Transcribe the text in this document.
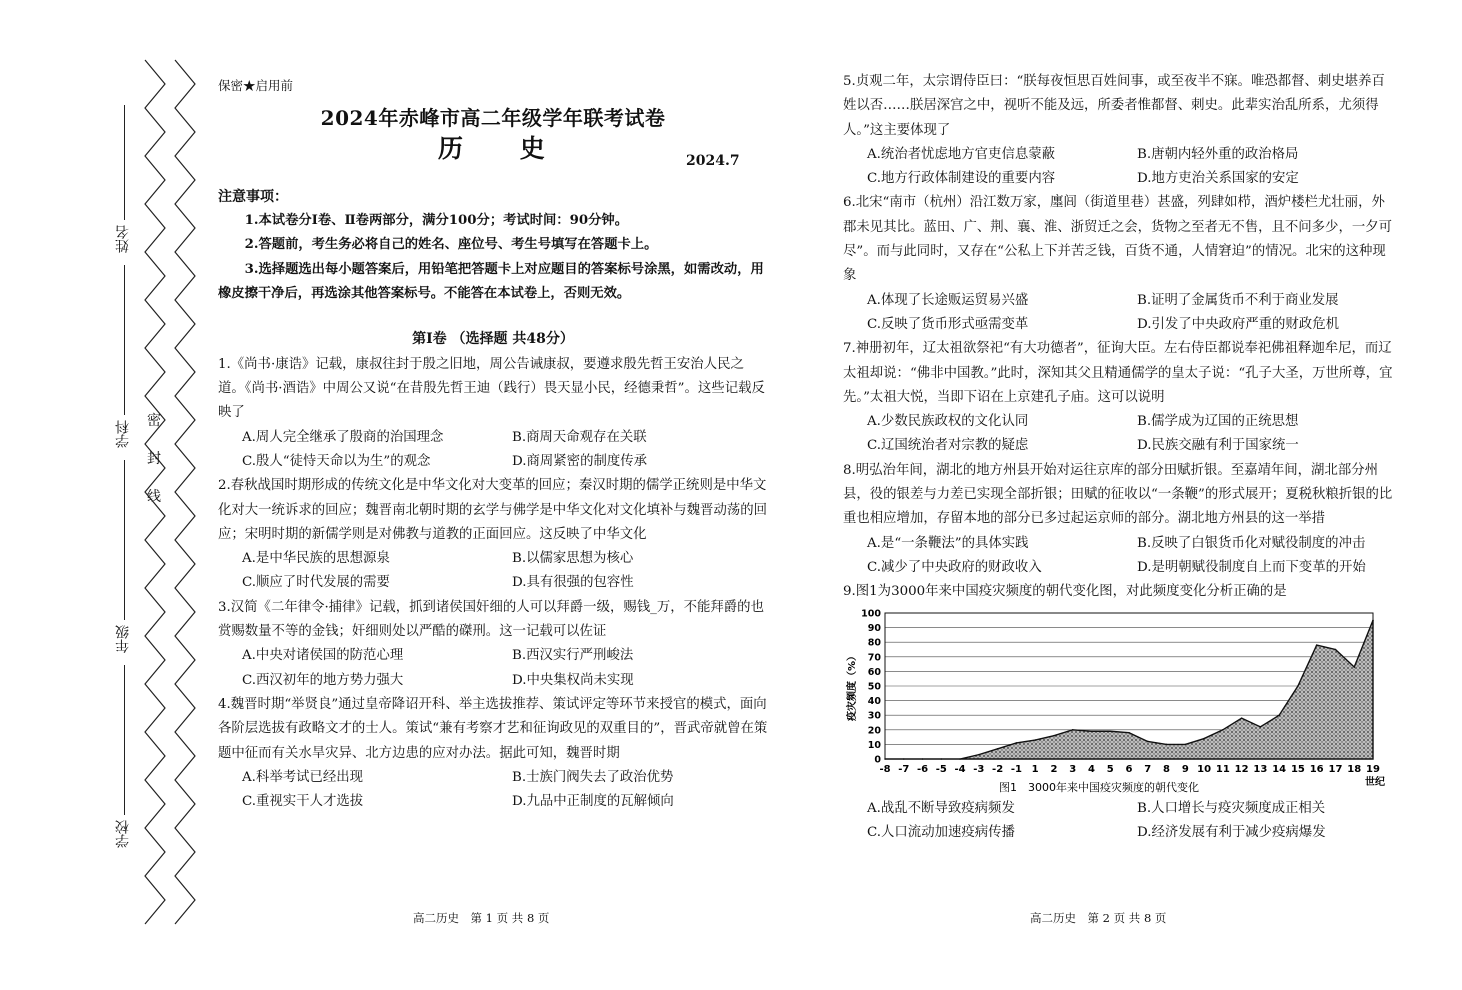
姓名
学科
年级
学校
密
封
线

保密★启用前

2024年赤峰市高二年级学年联考试卷

历 史	2024.7

注意事项：

1.本试卷分Ⅰ卷、Ⅱ卷两部分，满分100分；考试时间：90分钟。

2.答题前，考生务必将自己的姓名、座位号、考生号填写在答题卡上。

3.选择题选出每小题答案后，用铅笔把答题卡上对应题目的答案标号涂黑，如需改动，用橡皮擦干净后，再选涂其他答案标号。不能答在本试卷上，否则无效。

第Ⅰ卷 （选择题 共48分）

1.《尚书·康诰》记载，康叔往封于殷之旧地，周公告诫康叔，要遵求殷先哲王安治人民之道。《尚书·酒诰》中周公又说“在昔殷先哲王迪（践行）畏天显小民，经德秉哲”。这些记载反映了

A.周人完全继承了殷商的治国理念	B.商周天命观存在关联
C.殷人“徒恃天命以为生”的观念	D.商周紧密的制度传承

2.春秋战国时期形成的传统文化是中华文化对大变革的回应；秦汉时期的儒学正统则是中华文化对大一统诉求的回应；魏晋南北朝时期的玄学与佛学是中华文化对文化填补与魏晋动荡的回应；宋明时期的新儒学则是对佛教与道教的正面回应。这反映了中华文化

A.是中华民族的思想源泉	B.以儒家思想为核心
C.顺应了时代发展的需要	D.具有很强的包容性

3.汉简《二年律令·捕律》记载，抓到诸侯国奸细的人可以拜爵一级，赐钱_万，不能拜爵的也赏赐数量不等的金钱；奸细则处以严酷的磔刑。这一记载可以佐证

A.中央对诸侯国的防范心理	B.西汉实行严刑峻法
C.西汉初年的地方势力强大	D.中央集权尚未实现

4.魏晋时期“举贤良”通过皇帝降诏开科、举主选拔推荐、策试评定等环节来授官的模式，面向各阶层选拔有政略文才的士人。策试“兼有考察才艺和征询政见的双重目的”，晋武帝就曾在策题中征而有关水旱灾异、北方边患的应对办法。据此可知，魏晋时期

A.科举考试已经出现	B.士族门阀失去了政治优势
C.重视实干人才选拔	D.九品中正制度的瓦解倾向
高二历史　第 1 页 共 8 页

5.贞观二年，太宗谓侍臣曰：“朕每夜恒思百姓间事，或至夜半不寐。唯恐都督、刺史堪养百姓以否……朕居深宫之中，视听不能及远，所委者惟都督、刺史。此辈实治乱所系，尤须得人。”这主要体现了

A.统治者忧虑地方官吏信息蒙蔽	B.唐朝内轻外重的政治格局
C.地方行政体制建设的重要内容	D.地方吏治关系国家的安定

6.北宋“南市（杭州）沿江数万家，廛闾（街道里巷）甚盛，列肆如栉，酒炉楼栏尤壮丽，外郡未见其比。蓝田、广、荆、襄、淮、浙贸迁之会，货物之至者无不售，且不问多少，一夕可尽”。而与此同时，又存在“公私上下并苦乏钱，百货不通，人情窘迫”的情况。北宋的这种现象

A.体现了长途贩运贸易兴盛	B.证明了金属货币不利于商业发展
C.反映了货币形式亟需变革	D.引发了中央政府严重的财政危机

7.神册初年，辽太祖欲祭祀“有大功德者”，征询大臣。左右侍臣都说奉祀佛祖释迦牟尼，而辽太祖却说：“佛非中国教。”此时，深知其父且精通儒学的皇太子说：“孔子大圣，万世所尊，宜先。”太祖大悦，当即下诏在上京建孔子庙。这可以说明

A.少数民族政权的文化认同	B.儒学成为辽国的正统思想
C.辽国统治者对宗教的疑虑	D.民族交融有利于国家统一

8.明弘治年间，湖北的地方州县开始对运往京库的部分田赋折银。至嘉靖年间，湖北部分州县，役的银差与力差已实现全部折银；田赋的征收以“一条鞭”的形式展开；夏税秋粮折银的比重也相应增加，存留本地的部分已多过起运京师的部分。湖北地方州县的这一举措

A.是“一条鞭法”的具体实践	B.反映了白银货币化对赋役制度的冲击
C.减少了中央政府的财政收入	D.是明朝赋役制度自上而下变革的开始

9.图1为3000年来中国疫灾频度的朝代变化图，对此频度变化分析正确的是

0
10
20
30
40
50
60
70
80
90
100
-8 -7 -6 -5 -4 -3 -2 -1 1 2 3 4 5 6 7 8 9 10 11 12 13 14 15 16 17 18 19
世纪
疫灾频度（%）
图1　3000年来中国疫灾频度的朝代变化
A.战乱不断导致疫病频发	B.人口增长与疫灾频度成正相关
C.人口流动加速疫病传播	D.经济发展有利于减少疫病爆发
高二历史　第 2 页 共 8 页
